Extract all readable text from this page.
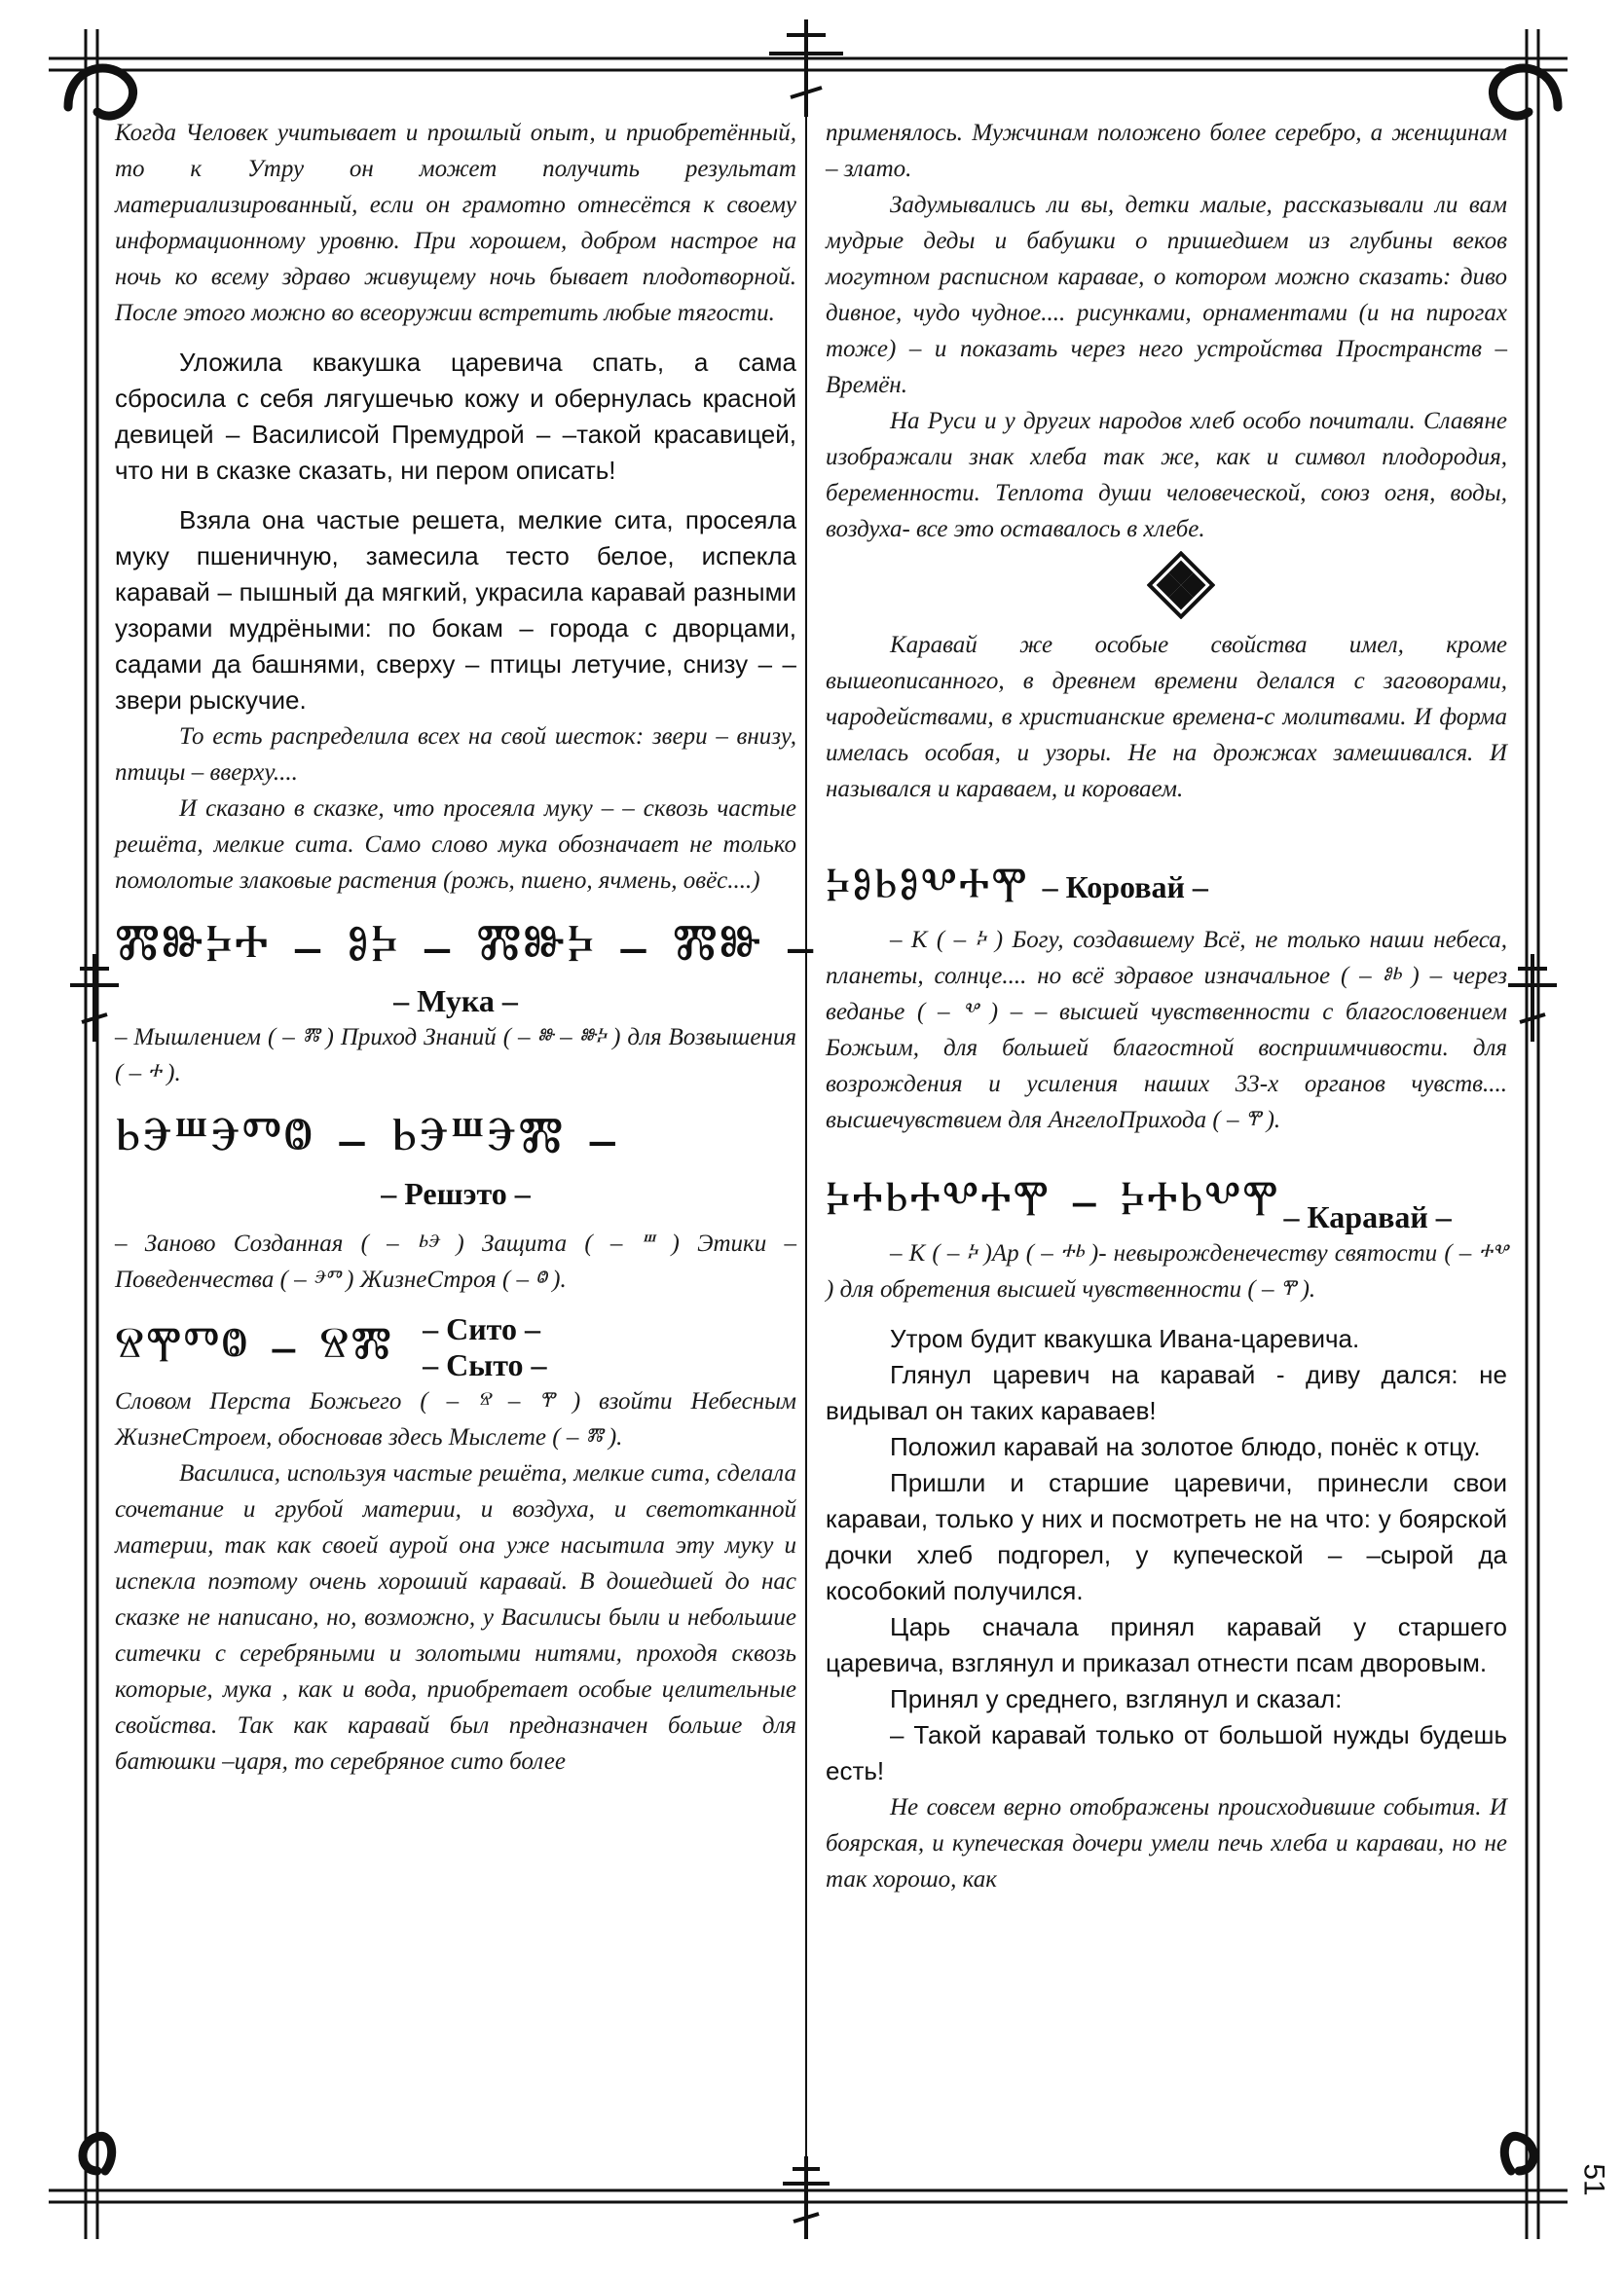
Когда Человек учитывает и прошлый опыт, и приобретённый, то к Утру он может получить результат материализированный, если он грамотно отнесётся к своему информационному уровню. При хорошем, добром настрое на ночь ко всему здраво живущему ночь бывает плодотворной. После этого можно во всеоружии встретить любые тягости.

Уложила квакушка царевича спать, а сама сбросила с себя лягушечью кожу и обернулась красной девицей – Василисой Премудрой – –такой красавицей, что ни в сказке сказать, ни пером описать!

Взяла она частые решета, мелкие сита, просеяла муку пшеничную, замесила тесто белое, испекла каравай – пышный да мягкий, украсила каравай разными узорами мудрёными: по бокам – города с дворцами, садами да башнями, сверху – птицы летучие, снизу – –звери рыскучие.

То есть распределила всех на свой шесток: звери – внизу, птицы – вверху....

И сказано в сказке, что просеяла муку – – сквозь частые решёта, мелкие сита. Само слово мука обозначает не только помолотые злаковые растения (рожь, пшено, ячмень, овёс....)

ⰿⱆⰽⰰ – ⱁⰽ – ⰿⱆⰽ – ⰿⱆ –

– Мука –

– Мышлением ( – ⰿ ) Приход Знаний ( – ⱆ – ⱆⰽ ) для Возвышения ( – ⰰ ).

ⱃⰵⱎⰵⱅⱉ – ⱃⰵⱎⰵⰿ –

– Решэто –

– Заново Созданная ( – ⱃⰵ ) Защита ( – ⱎ ) Этики – Поведенчества ( – ⰵⱅ ) ЖизнеСтроя ( – ⱉ ).

ⱄⰹⱅⱉ – ⱄⰿ – Сито –
– Сыто –

Словом Перста Божьего ( – ⱄ – ⰹ ) взойти Небесным ЖизнеСтроем, обосновав здесь Мыслете ( – ⰿ ).

Василиса, используя частые решёта, мелкие сита, сделала сочетание и грубой материи, и воздуха, и светотканной материи, так как своей аурой она уже насытила эту муку и испекла поэтому очень хороший каравай. В дошедшей до нас сказке не написано, но, возможно, у Василисы были и небольшие ситечки с серебряными и золотыми нитями, проходя сквозь которые, мука , как и вода, приобретает особые целительные свойства. Так как каравай был предназначен больше для батюшки –царя, то серебряное сито более

применялось. Мужчинам положено более серебро, а женщинам – злато.

Задумывались ли вы, детки малые, рассказывали ли вам мудрые деды и бабушки о пришедшем из глубины веков могутном расписном каравае, о котором можно сказать: диво дивное, чудо чудное.... рисунками, орнаментами (и на пирогах тоже) – и показать через него устройства Пространств – Времён.

На Руси и у других народов хлеб особо почитали. Славяне изображали знак хлеба так же, как и символ плодородия, беременности. Теплота души человеческой, союз огня, воды, воздуха- все это оставалось в хлебе.

Каравай же особые свойства имел, кроме вышеописанного, в древнем времени делался с заговорами, чародействами, в христианские времена-с молитвами. И форма имелась особая, и узоры. Не на дрожжах замешивался. И назывался и караваем, и короваем.

ⰽⱁⱃⱁⰲⰰⰹ – Коровай –

– К ( – ⰽ ) Богу, создавшему Всё, не только наши небеса, планеты, солнце.... но всё здравое изначальное ( – ⱁⱃ ) – через веданье ( – ⰲ ) – – высшей чувственности с благословением Божьим, для большей благостной восприимчивости. для возрождения и усиления наших 33-х органов чувств.... высшечувствием для АнгелоПрихода ( – ⰹ ).

ⰽⰰⱃⰰⰲⰰⰹ – ⰽⰰⱃⰲⰹ – Каравай –

– К ( – ⰽ )Ар ( – ⰰⱃ )- невырожденечеству святости ( – ⰰⰲ ) для обретения высшей чувственности ( – ⰹ ).

Утром будит квакушка Ивана-царевича.

Глянул царевич на каравай - диву дался: не видывал он таких караваев!

Положил каравай на золотое блюдо, понёс к отцу.

Пришли и старшие царевичи, принесли свои караваи, только у них и посмотреть не на что: у боярской дочки хлеб подгорел, у купеческой – –сырой да кособокий получился.

Царь сначала принял каравай у старшего царевича, взглянул и приказал отнести псам дворовым.

Принял у среднего, взглянул и сказал:

– Такой каравай только от большой нужды будешь есть!

Не совсем верно отображены происходившие события. И боярская, и купеческая дочери умели печь хлеба и караваи, но не так хорошо, как

51
